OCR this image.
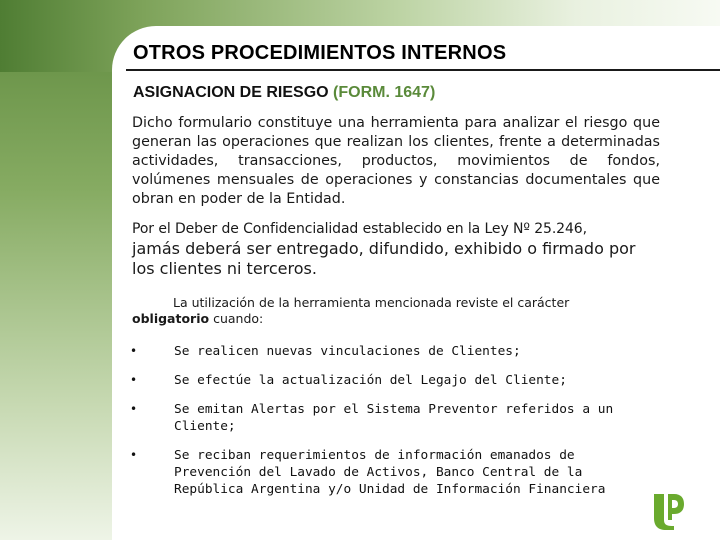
OTROS PROCEDIMIENTOS INTERNOS
ASIGNACION DE RIESGO (FORM. 1647)

Dicho formulario constituye una herramienta para analizar el riesgo que generan las operaciones que realizan los clientes, frente a determinadas actividades, transacciones, productos, movimientos de fondos, volúmenes mensuales de operaciones y constancias documentales que obran en poder de la Entidad.

Por el Deber de Confidencialidad establecido en la Ley Nº 25.246,
jamás deberá ser entregado, difundido, exhibido o firmado por los clientes ni terceros.

La utilización de la herramienta mencionada reviste el carácter
obligatorio cuando:
•	Se realicen nuevas vinculaciones de Clientes;
•	Se efectúe la actualización del Legajo del Cliente;
•	Se emitan Alertas por el Sistema Preventor referidos a un Cliente;
•	Se reciban requerimientos de información emanados de Prevención del Lavado de Activos, Banco Central de la República Argentina y/o Unidad de Información Financiera
